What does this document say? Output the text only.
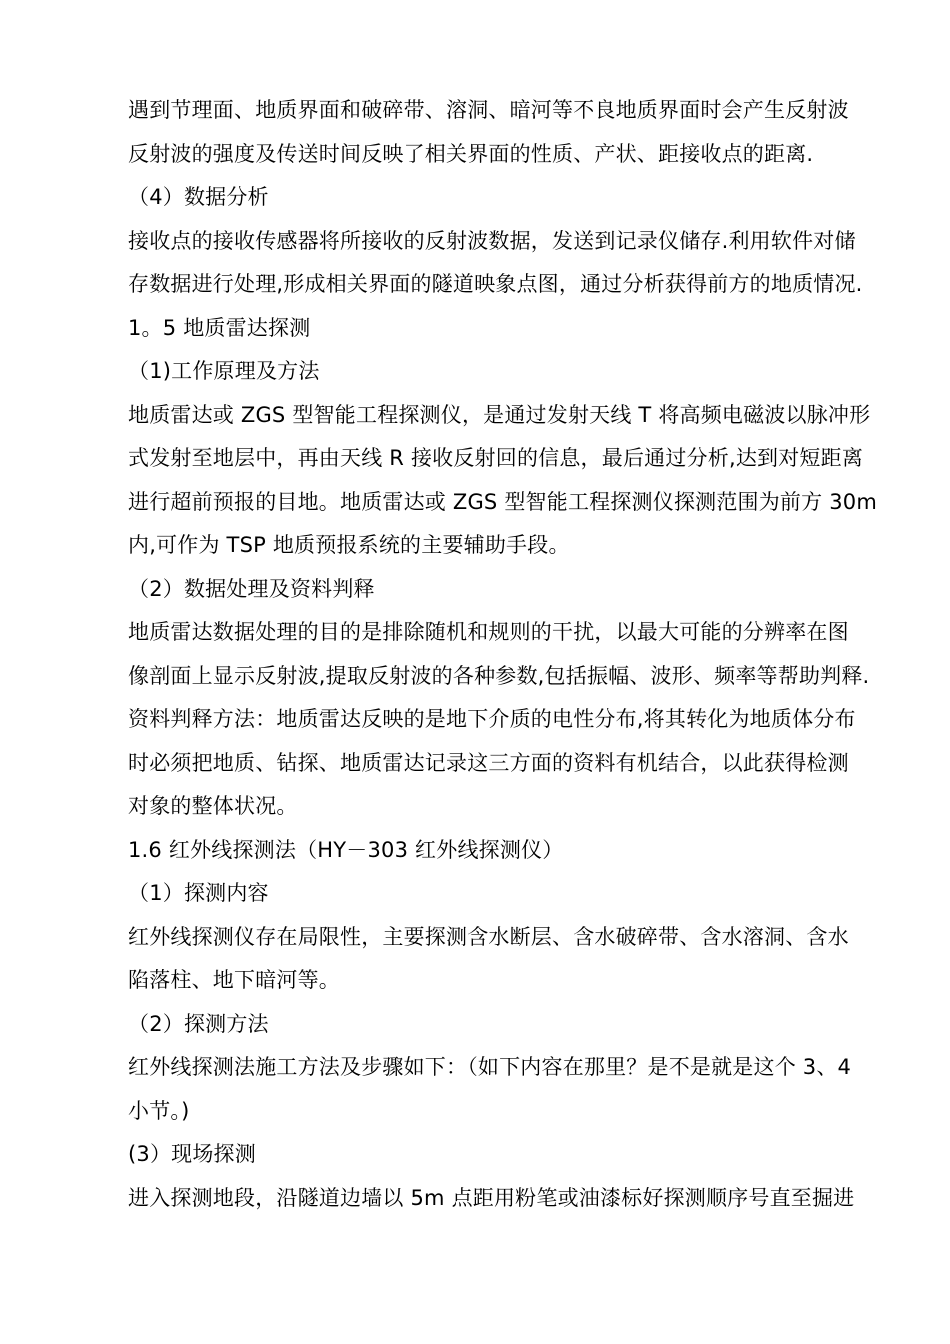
遇到节理面、地质界面和破碎带、溶洞、暗河等不良地质界面时会产生反射波
反射波的强度及传送时间反映了相关界面的性质、产状、距接收点的距离.
（4）数据分析
接收点的接收传感器将所接收的反射波数据，发送到记录仪储存.利用软件对储
存数据进行处理,形成相关界面的隧道映象点图，通过分析获得前方的地质情况.
1。5 地质雷达探测
（1)工作原理及方法
地质雷达或 ZGS 型智能工程探测仪，是通过发射天线 T 将高频电磁波以脉冲形
式发射至地层中，再由天线 R 接收反射回的信息，最后通过分析,达到对短距离
进行超前预报的目地。地质雷达或 ZGS 型智能工程探测仪探测范围为前方 30m
内,可作为 TSP 地质预报系统的主要辅助手段。
（2）数据处理及资料判释
地质雷达数据处理的目的是排除随机和规则的干扰，以最大可能的分辨率在图
像剖面上显示反射波,提取反射波的各种参数,包括振幅、波形、频率等帮助判释.
资料判释方法：地质雷达反映的是地下介质的电性分布,将其转化为地质体分布
时必须把地质、钻探、地质雷达记录这三方面的资料有机结合，以此获得检测
对象的整体状况。
1.6 红外线探测法（HY－303 红外线探测仪）
（1）探测内容
红外线探测仪存在局限性，主要探测含水断层、含水破碎带、含水溶洞、含水
陷落柱、地下暗河等。
（2）探测方法
红外线探测法施工方法及步骤如下：（如下内容在那里？是不是就是这个 3、4
小节。)
(3）现场探测
进入探测地段，沿隧道边墙以 5m 点距用粉笔或油漆标好探测顺序号直至掘进
